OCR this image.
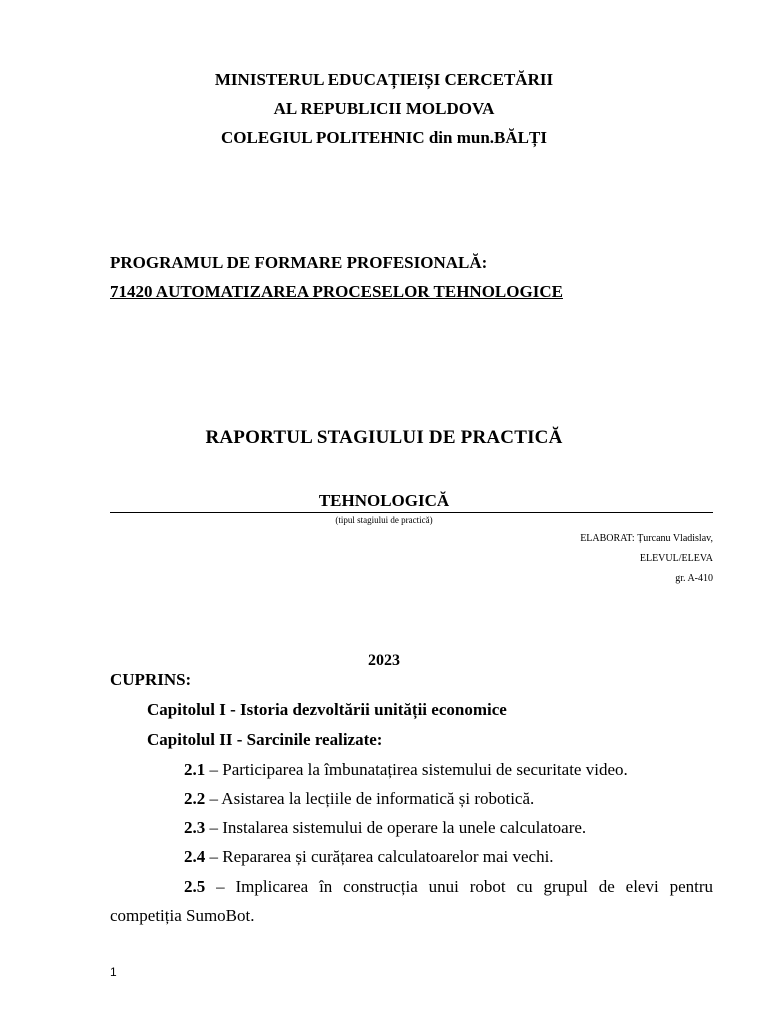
MINISTERUL EDUCAȚIEIȘI CERCETĂRII
AL REPUBLICII MOLDOVA
COLEGIUL POLITEHNIC din mun.BĂLȚI
PROGRAMUL DE FORMARE PROFESIONALĂ:
71420 AUTOMATIZAREA PROCESELOR TEHNOLOGICE
RAPORTUL STAGIULUI DE PRACTICĂ
TEHNOLOGICĂ
(tipul stagiului de practică)
ELABORAT: Țurcanu Vladislav,
ELEVUL/ELEVA
gr. A-410
2023
CUPRINS:
Capitolul I - Istoria dezvoltării unității economice
Capitolul II - Sarcinile realizate:
2.1 – Participarea la îmbunatațirea sistemului de securitate video.
2.2 – Asistarea la lecțiile de informatică și robotică.
2.3 – Instalarea sistemului de operare la unele calculatoare.
2.4 – Repararea și curățarea calculatoarelor mai vechi.
2.5 – Implicarea în construcția unui robot cu grupul de elevi pentru competiția SumoBot.
1
